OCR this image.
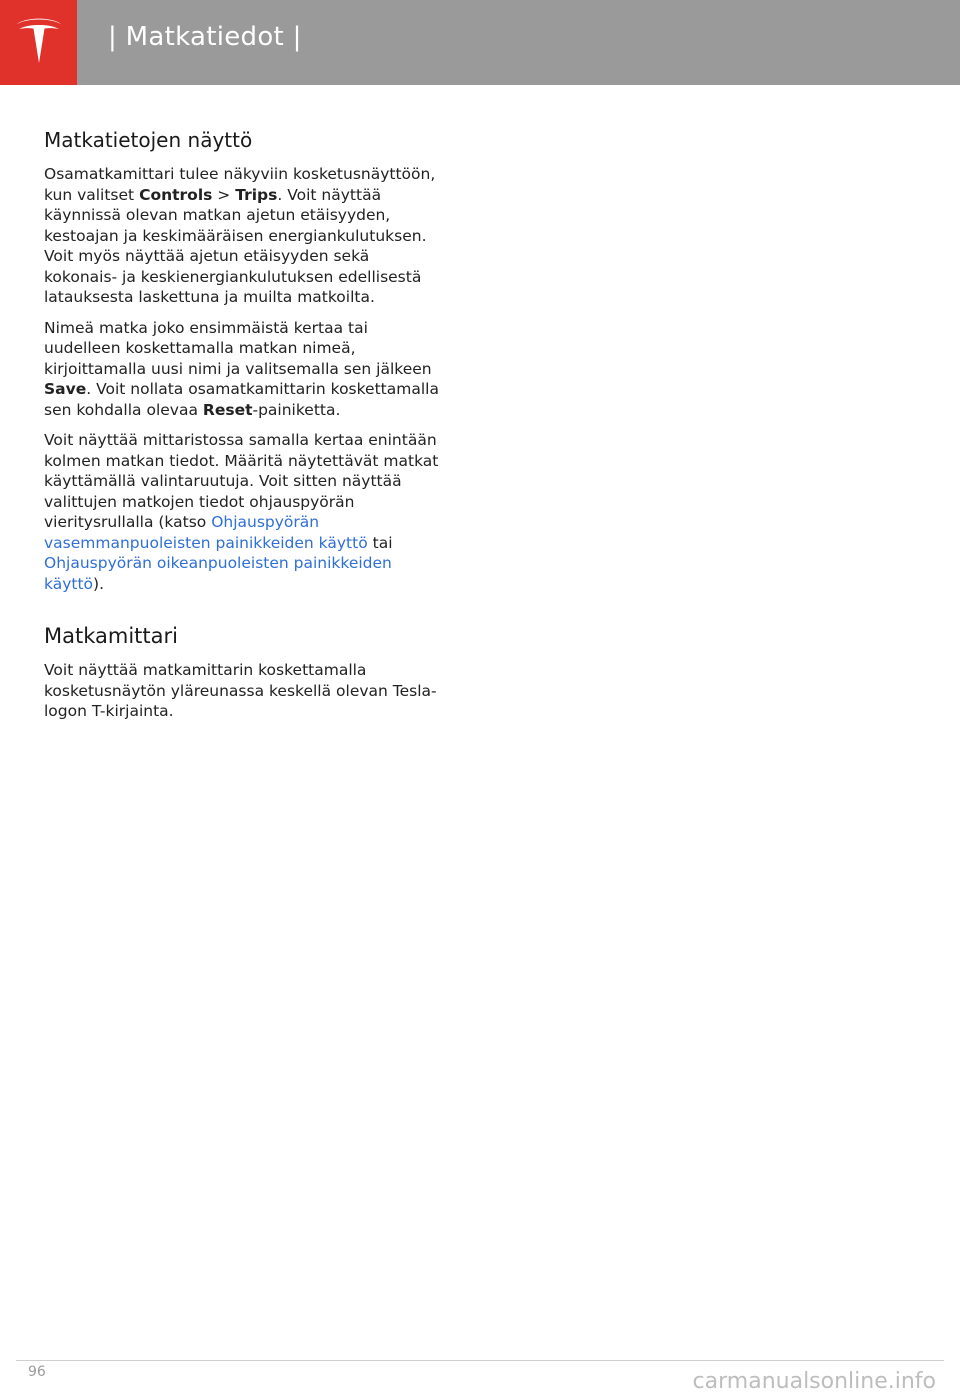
| Matkatiedot |
Matkatietojen näyttö

Osamatkamittari tulee näkyviin kosketusnäyttöön, kun valitset Controls > Trips. Voit näyttää käynnissä olevan matkan ajetun etäisyyden, kestoajan ja keskimääräisen energiankulutuksen. Voit myös näyttää ajetun etäisyyden sekä kokonais- ja keskienergiankulutuksen edellisestä latauksesta laskettuna ja muilta matkoilta.

Nimeä matka joko ensimmäistä kertaa tai uudelleen koskettamalla matkan nimeä, kirjoittamalla uusi nimi ja valitsemalla sen jälkeen Save. Voit nollata osamatkamittarin koskettamalla sen kohdalla olevaa Reset-painiketta.

Voit näyttää mittaristossa samalla kertaa enintään kolmen matkan tiedot. Määritä näytettävät matkat käyttämällä valintaruutuja. Voit sitten näyttää valittujen matkojen tiedot ohjauspyörän vieritysrullalla (katso Ohjauspyörän vasemmanpuoleisten painikkeiden käyttö tai Ohjauspyörän oikeanpuoleisten painikkeiden käyttö).

Matkamittari

Voit näyttää matkamittarin koskettamalla kosketusnäytön yläreunassa keskellä olevan Tesla-logon T-kirjainta.

96	carmanualsonline.info
